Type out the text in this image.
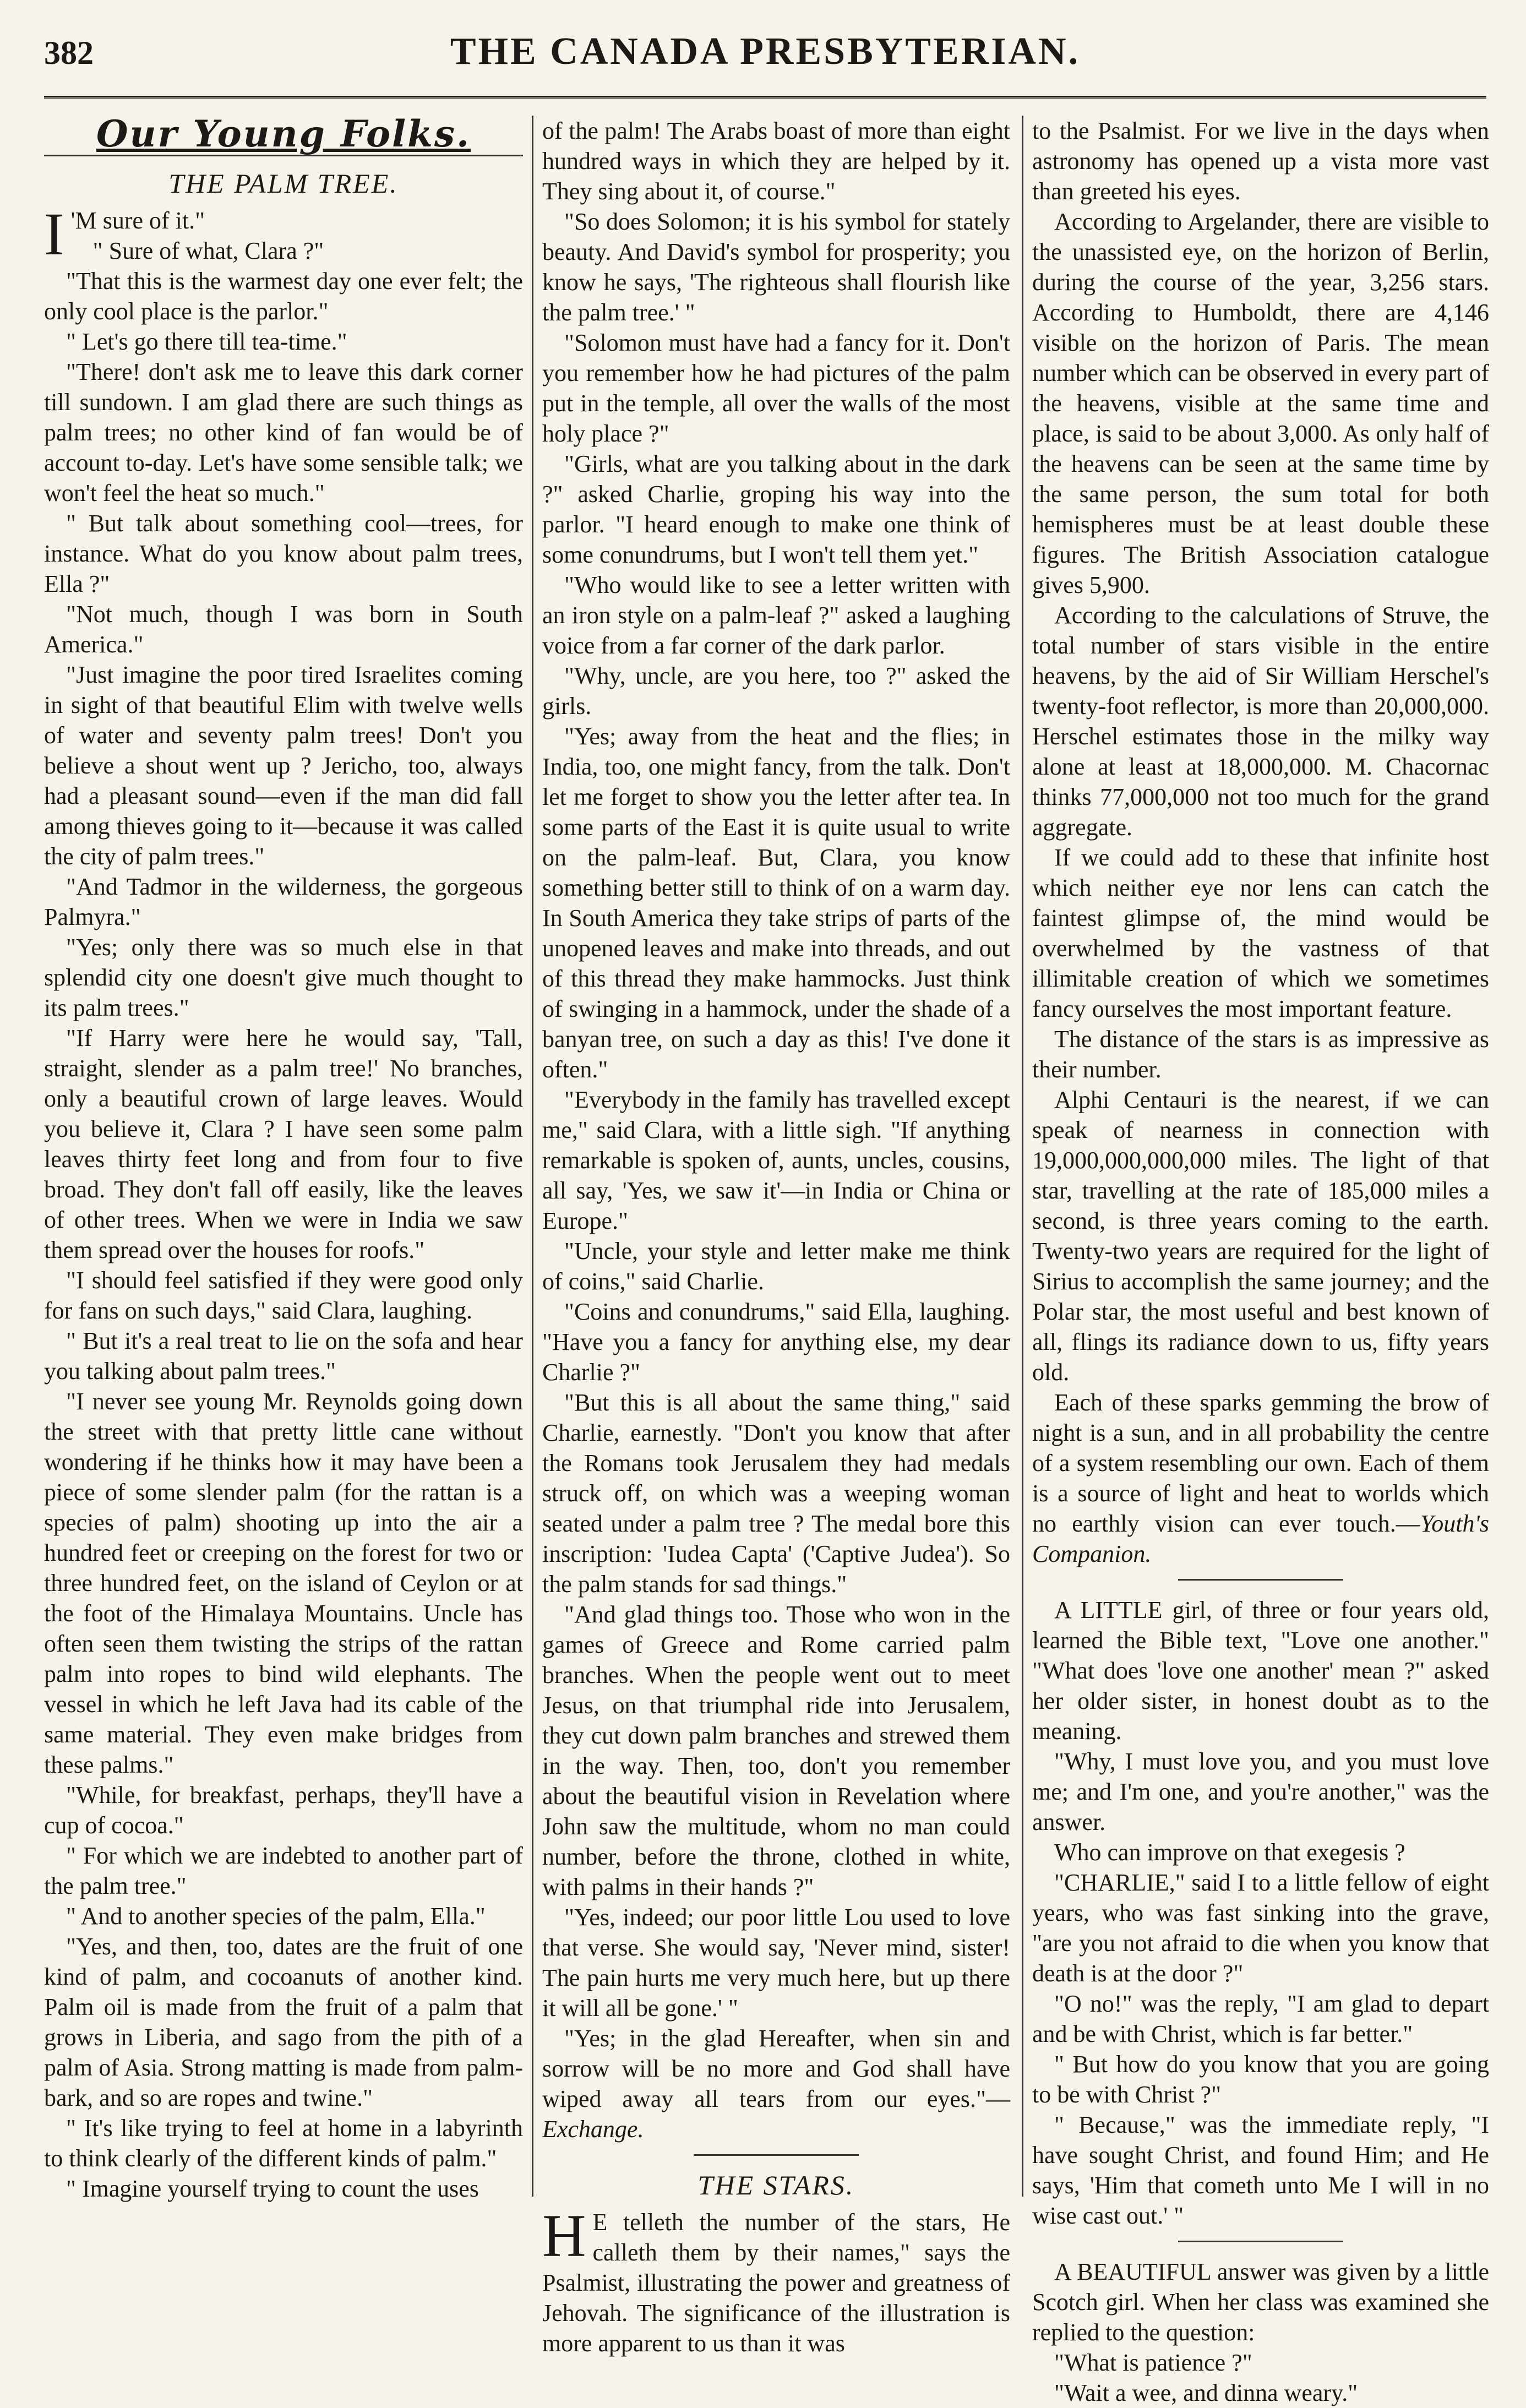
382	THE CANADA PRESBYTERIAN.
Our Young Folks.
THE PALM TREE.

I 'M sure of it."

" Sure of what, Clara ?"

"That this is the warmest day one ever felt; the only cool place is the parlor."

" Let's go there till tea-time."

"There! don't ask me to leave this dark corner till sundown. I am glad there are such things as palm trees; no other kind of fan would be of account to-day. Let's have some sensible talk; we won't feel the heat so much."

" But talk about something cool—trees, for instance. What do you know about palm trees, Ella ?"

"Not much, though I was born in South America."

"Just imagine the poor tired Israelites coming in sight of that beautiful Elim with twelve wells of water and seventy palm trees! Don't you believe a shout went up ? Jericho, too, always had a pleasant sound—even if the man did fall among thieves going to it—because it was called the city of palm trees."

"And Tadmor in the wilderness, the gorgeous Palmyra."

"Yes; only there was so much else in that splendid city one doesn't give much thought to its palm trees."

"If Harry were here he would say, 'Tall, straight, slender as a palm tree!' No branches, only a beautiful crown of large leaves. Would you believe it, Clara ? I have seen some palm leaves thirty feet long and from four to five broad. They don't fall off easily, like the leaves of other trees. When we were in India we saw them spread over the houses for roofs."

"I should feel satisfied if they were good only for fans on such days," said Clara, laughing.

" But it's a real treat to lie on the sofa and hear you talking about palm trees."

"I never see young Mr. Reynolds going down the street with that pretty little cane without wondering if he thinks how it may have been a piece of some slender palm (for the rattan is a species of palm) shooting up into the air a hundred feet or creeping on the forest for two or three hundred feet, on the island of Ceylon or at the foot of the Himalaya Mountains. Uncle has often seen them twisting the strips of the rattan palm into ropes to bind wild elephants. The vessel in which he left Java had its cable of the same material. They even make bridges from these palms."

"While, for breakfast, perhaps, they'll have a cup of cocoa."

" For which we are indebted to another part of the palm tree."

" And to another species of the palm, Ella."

"Yes, and then, too, dates are the fruit of one kind of palm, and cocoanuts of another kind. Palm oil is made from the fruit of a palm that grows in Liberia, and sago from the pith of a palm of Asia. Strong matting is made from palm-bark, and so are ropes and twine."

" It's like trying to feel at home in a labyrinth to think clearly of the different kinds of palm."

" Imagine yourself trying to count the uses

of the palm! The Arabs boast of more than eight hundred ways in which they are helped by it. They sing about it, of course."

"So does Solomon; it is his symbol for stately beauty. And David's symbol for prosperity; you know he says, 'The righteous shall flourish like the palm tree.' "

"Solomon must have had a fancy for it. Don't you remember how he had pictures of the palm put in the temple, all over the walls of the most holy place ?"

"Girls, what are you talking about in the dark ?" asked Charlie, groping his way into the parlor. "I heard enough to make one think of some conundrums, but I won't tell them yet."

"Who would like to see a letter written with an iron style on a palm-leaf ?" asked a laughing voice from a far corner of the dark parlor.

"Why, uncle, are you here, too ?" asked the girls.

"Yes; away from the heat and the flies; in India, too, one might fancy, from the talk. Don't let me forget to show you the letter after tea. In some parts of the East it is quite usual to write on the palm-leaf. But, Clara, you know something better still to think of on a warm day. In South America they take strips of parts of the unopened leaves and make into threads, and out of this thread they make hammocks. Just think of swinging in a hammock, under the shade of a banyan tree, on such a day as this! I've done it often."

"Everybody in the family has travelled except me," said Clara, with a little sigh. "If anything remarkable is spoken of, aunts, uncles, cousins, all say, 'Yes, we saw it'—in India or China or Europe."

"Uncle, your style and letter make me think of coins," said Charlie.

"Coins and conundrums," said Ella, laughing. "Have you a fancy for anything else, my dear Charlie ?"

"But this is all about the same thing," said Charlie, earnestly. "Don't you know that after the Romans took Jerusalem they had medals struck off, on which was a weeping woman seated under a palm tree ? The medal bore this inscription: 'Iudea Capta' ('Captive Judea'). So the palm stands for sad things."

"And glad things too. Those who won in the games of Greece and Rome carried palm branches. When the people went out to meet Jesus, on that triumphal ride into Jerusalem, they cut down palm branches and strewed them in the way. Then, too, don't you remember about the beautiful vision in Revelation where John saw the multitude, whom no man could number, before the throne, clothed in white, with palms in their hands ?"

"Yes, indeed; our poor little Lou used to love that verse. She would say, 'Never mind, sister! The pain hurts me very much here, but up there it will all be gone.' "

"Yes; in the glad Hereafter, when sin and sorrow will be no more and God shall have wiped away all tears from our eyes."—Exchange.

THE STARS.

H E telleth the number of the stars, He calleth them by their names," says the Psalmist, illustrating the power and greatness of Jehovah. The significance of the illustration is more apparent to us than it was

to the Psalmist. For we live in the days when astronomy has opened up a vista more vast than greeted his eyes.

According to Argelander, there are visible to the unassisted eye, on the horizon of Berlin, during the course of the year, 3,256 stars. According to Humboldt, there are 4,146 visible on the horizon of Paris. The mean number which can be observed in every part of the heavens, visible at the same time and place, is said to be about 3,000. As only half of the heavens can be seen at the same time by the same person, the sum total for both hemispheres must be at least double these figures. The British Association catalogue gives 5,900.

According to the calculations of Struve, the total number of stars visible in the entire heavens, by the aid of Sir William Herschel's twenty-foot reflector, is more than 20,000,000. Herschel estimates those in the milky way alone at least at 18,000,000. M. Chacornac thinks 77,000,000 not too much for the grand aggregate.

If we could add to these that infinite host which neither eye nor lens can catch the faintest glimpse of, the mind would be overwhelmed by the vastness of that illimitable creation of which we sometimes fancy ourselves the most important feature.

The distance of the stars is as impressive as their number.

Alphi Centauri is the nearest, if we can speak of nearness in connection with 19,000,000,000,000 miles. The light of that star, travelling at the rate of 185,000 miles a second, is three years coming to the earth. Twenty-two years are required for the light of Sirius to accomplish the same journey; and the Polar star, the most useful and best known of all, flings its radiance down to us, fifty years old.

Each of these sparks gemming the brow of night is a sun, and in all probability the centre of a system resembling our own. Each of them is a source of light and heat to worlds which no earthly vision can ever touch.—Youth's Companion.

A LITTLE girl, of three or four years old, learned the Bible text, "Love one another." "What does 'love one another' mean ?" asked her older sister, in honest doubt as to the meaning.

"Why, I must love you, and you must love me; and I'm one, and you're another," was the answer.

Who can improve on that exegesis ?

"CHARLIE," said I to a little fellow of eight years, who was fast sinking into the grave, "are you not afraid to die when you know that death is at the door ?"

"O no!" was the reply, "I am glad to depart and be with Christ, which is far better."

" But how do you know that you are going to be with Christ ?"

" Because," was the immediate reply, "I have sought Christ, and found Him; and He says, 'Him that cometh unto Me I will in no wise cast out.' "

A BEAUTIFUL answer was given by a little Scotch girl. When her class was examined she replied to the question:

"What is patience ?"

"Wait a wee, and dinna weary."
